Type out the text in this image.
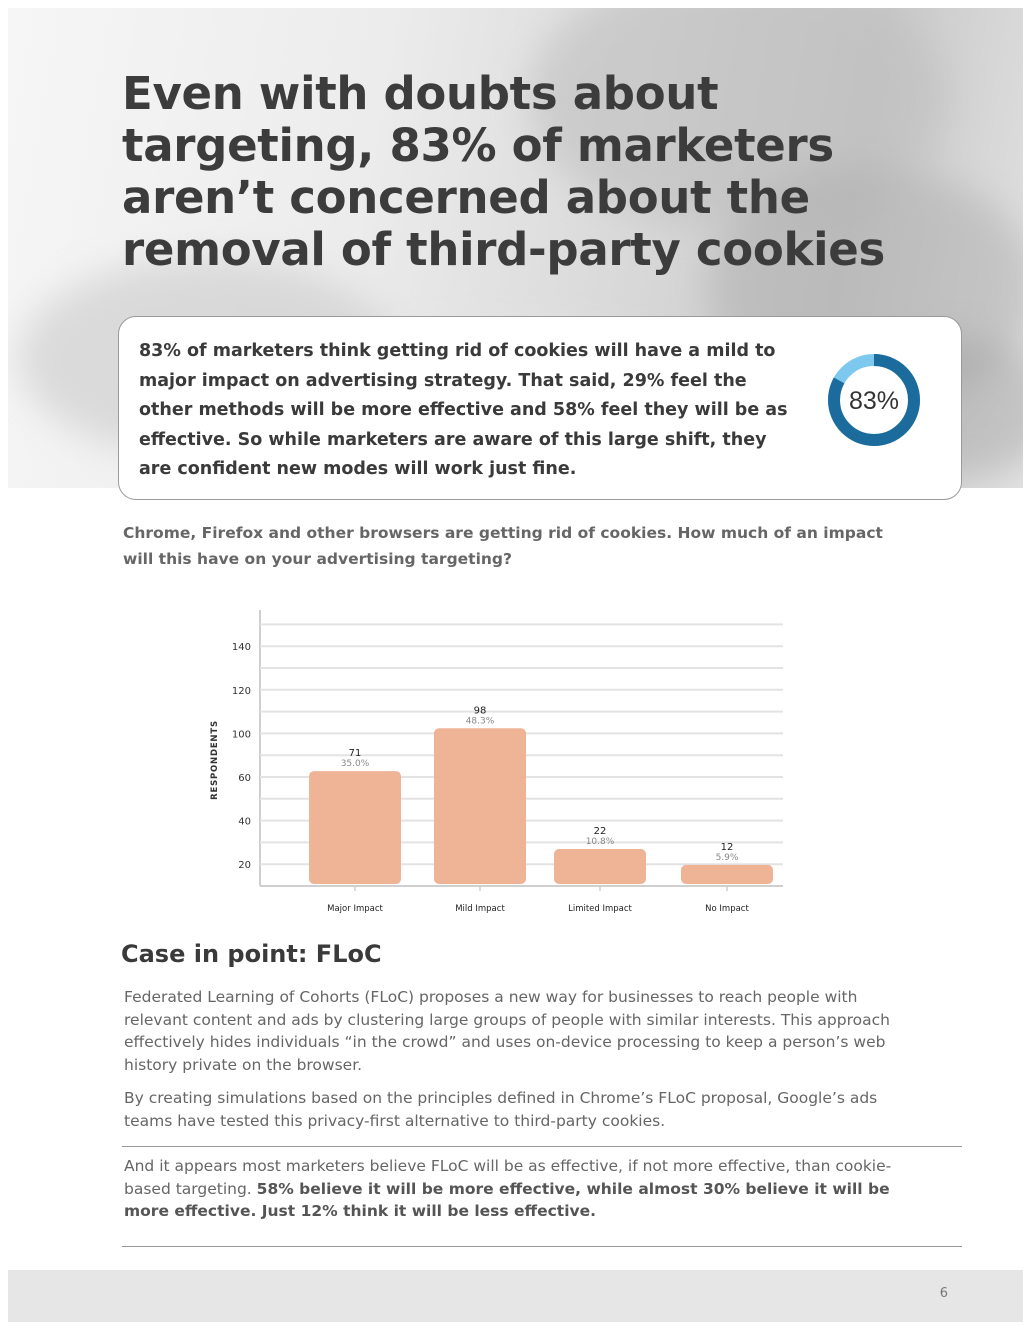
Even with doubts about targeting, 83% of marketers aren’t concerned about the removal of third-party cookies

83% of marketers think getting rid of cookies will have a mild to major impact on advertising strategy. That said, 29% feel the other methods will be more effective and 58% feel they will be as effective. So while marketers are aware of this large shift, they are confident new modes will work just fine.

83%

Chrome, Firefox and other browsers are getting rid of cookies. How much of an impact will this have on your advertising targeting?

RESPONDENTS
20
40
60
100
120
140
71
35.0%
Major Impact
98
48.3%
Mild Impact
22
10.8%
Limited Impact
12
5.9%
No Impact
Case in point: FLoC

Federated Learning of Cohorts (FLoC) proposes a new way for businesses to reach people with relevant content and ads by clustering large groups of people with similar interests. This approach effectively hides individuals “in the crowd” and uses on-device processing to keep a person’s web history private on the browser.

By creating simulations based on the principles defined in Chrome’s FLoC proposal, Google’s ads teams have tested this privacy-first alternative to third-party cookies.

And it appears most marketers believe FLoC will be as effective, if not more effective, than cookie-based targeting. 58% believe it will be more effective, while almost 30% believe it will be more effective. Just 12% think it will be less effective.

6
